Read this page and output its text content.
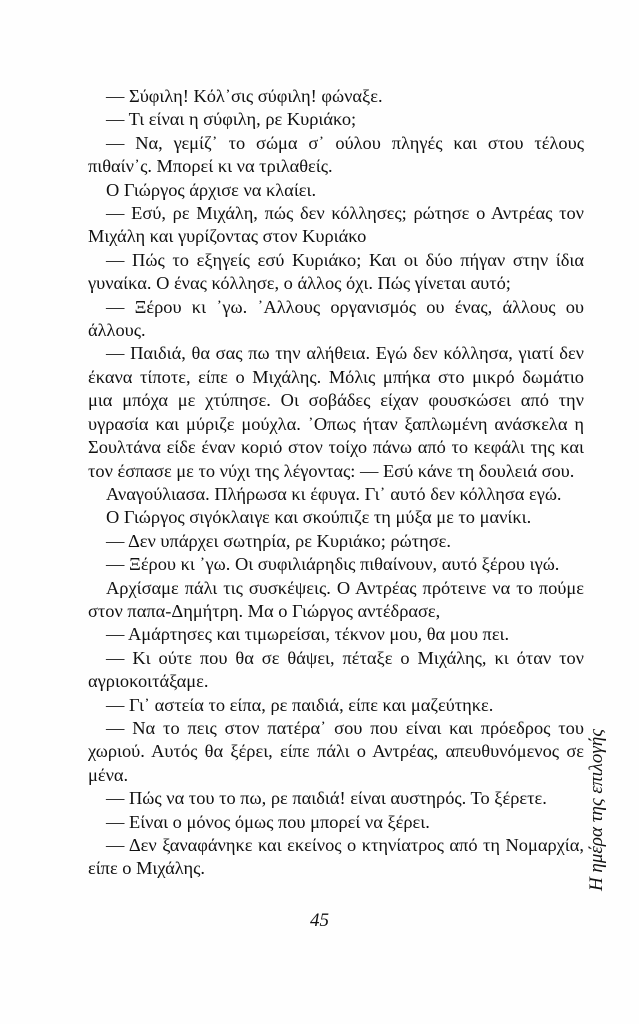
— Σύφιλη! Κόλ᾽σις σύφιλη! φώναξε.

— Τι είναι η σύφιλη, ρε Κυριάκο;

— Να, γεμίζ᾽ το σώμα σ᾽ ούλου πληγές και στου τέλους πιθαίν᾽ς. Μπορεί κι να τριλαθείς.

Ο Γιώργος άρχισε να κλαίει.

— Εσύ, ρε Μιχάλη, πώς δεν κόλλησες; ρώτησε ο Αντρέας τον Μιχάλη και γυρίζοντας στον Κυριάκο

— Πώς το εξηγείς εσύ Κυριάκο; Και οι δύο πήγαν στην ίδια γυναίκα. Ο ένας κόλλησε, ο άλλος όχι. Πώς γίνεται αυτό;

— Ξέρου κι ᾽γω. ᾽Αλλους οργανισμός ου ένας, άλλους ου άλλους.

— Παιδιά, θα σας πω την αλήθεια. Εγώ δεν κόλλησα, γιατί δεν έκανα τίποτε, είπε ο Μιχάλης. Μόλις μπήκα στο μικρό δωμάτιο μια μπόχα με χτύπησε. Οι σοβάδες είχαν φουσκώσει από την υγρασία και μύριζε μούχλα. ᾽Οπως ήταν ξαπλωμένη ανάσκελα η Σουλτάνα είδε έναν κοριό στον τοίχο πάνω από το κεφάλι της και τον έσπασε με το νύχι της λέγοντας: — Εσύ κάνε τη δουλειά σου.

Αναγούλιασα. Πλήρωσα κι έφυγα. Γι᾽ αυτό δεν κόλλησα εγώ.

Ο Γιώργος σιγόκλαιγε και σκούπιζε τη μύξα με το μανίκι.

— Δεν υπάρχει σωτηρία, ρε Κυριάκο; ρώτησε.

— Ξέρου κι ᾽γω. Οι συφιλιάρηδις πιθαίνουν, αυτό ξέρου ιγώ.

Αρχίσαμε πάλι τις συσκέψεις. Ο Αντρέας πρότεινε να το πούμε στον παπα-Δημήτρη. Μα ο Γιώργος αντέδρασε,

— Αμάρτησες και τιμωρείσαι, τέκνον μου, θα μου πει.

— Κι ούτε που θα σε θάψει, πέταξε ο Μιχάλης, κι όταν τον αγριοκοιτάξαμε.

— Γι᾽ αστεία το είπα, ρε παιδιά, είπε και μαζεύτηκε.

— Να το πεις στον πατέρα᾽ σου που είναι και πρόεδρος του χωριού. Αυτός θα ξέρει, είπε πάλι ο Αντρέας, απευθυνόμενος σε μένα.

— Πώς να του το πω, ρε παιδιά! είναι αυστηρός. Το ξέρετε.

— Είναι ο μόνος όμως που μπορεί να ξέρει.

— Δεν ξαναφάνηκε και εκείνος ο κτηνίατρος από τη Νομαρχία, είπε ο Μιχάλης.

45
Η ημέρα της επιλογής
